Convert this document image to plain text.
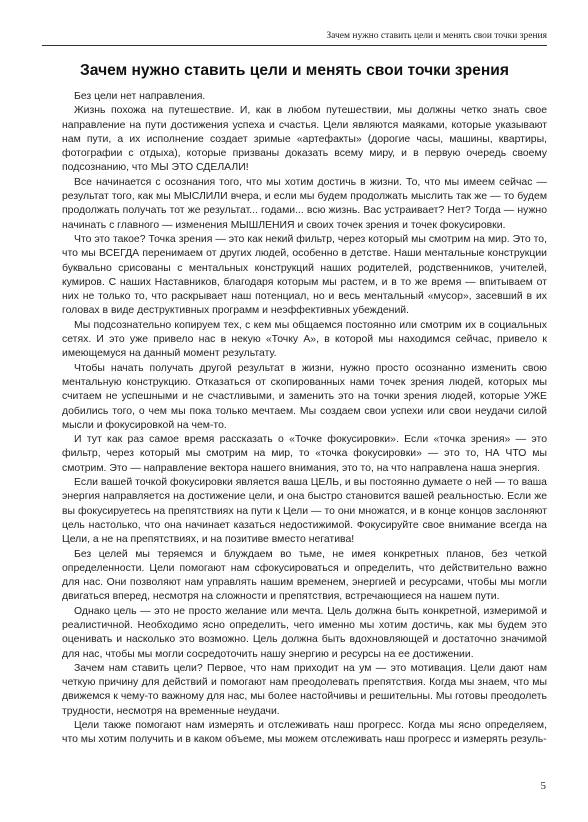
Зачем нужно ставить цели и менять свои точки зрения
Зачем нужно ставить цели и менять свои точки зрения

Без цели нет направления.

Жизнь похожа на путешествие. И, как в любом путешествии, мы должны четко знать свое направление на пути достижения успеха и счастья. Цели являются маяками, которые указывают нам пути, а их исполнение создает зримые «артефакты» (дорогие часы, машины, квартиры, фотографии с отдыха), которые призваны доказать всему миру, и в первую очередь своему подсознанию, что МЫ ЭТО СДЕЛАЛИ!

Все начинается с осознания того, что мы хотим достичь в жизни. То, что мы имеем сейчас — результат того, как мы МЫСЛИЛИ вчера, и если мы будем продолжать мыслить так же — то будем продолжать получать тот же результат... годами... всю жизнь. Вас устраивает? Нет? Тогда — нужно начинать с главного — изменения МЫШЛЕНИЯ и своих точек зрения и точек фокусировки.

Что это такое? Точка зрения — это как некий фильтр, через который мы смотрим на мир. Это то, что мы ВСЕГДА перенимаем от других людей, особенно в детстве. Наши ментальные конструкции буквально срисованы с ментальных конструкций наших родителей, родственников, учителей, кумиров. С наших Наставников, благодаря которым мы растем, и в то же время — впитываем от них не только то, что раскрывает наш потенциал, но и весь ментальный «мусор», засевший в их головах в виде деструктивных программ и неэффективных убеждений.

Мы подсознательно копируем тех, с кем мы общаемся постоянно или смотрим их в социальных сетях. И это уже привело нас в некую «Точку А», в которой мы находимся сейчас, привело к имеющемуся на данный момент результату.

Чтобы начать получать другой результат в жизни, нужно просто осознанно изменить свою ментальную конструкцию. Отказаться от скопированных нами точек зрения людей, которых мы считаем не успешными и не счастливыми, и заменить это на точки зрения людей, которые УЖЕ добились того, о чем мы пока только мечтаем. Мы создаем свои успехи или свои неудачи силой мысли и фокусировкой на чем-то.

И тут как раз самое время рассказать о «Точке фокусировки». Если «точка зрения» — это фильтр, через который мы смотрим на мир, то «точка фокусировки» — это то, НА ЧТО мы смотрим. Это — направление вектора нашего внимания, это то, на что направлена наша энергия.

Если вашей точкой фокусировки является ваша ЦЕЛЬ, и вы постоянно думаете о ней — то ваша энергия направляется на достижение цели, и она быстро становится вашей реальностью. Если же вы фокусируетесь на препятствиях на пути к Цели — то они множатся, и в конце концов заслоняют цель настолько, что она начинает казаться недостижимой. Фокусируйте свое внимание всегда на Цели, а не на препятствиях, и на позитиве вместо негатива!

Без целей мы теряемся и блуждаем во тьме, не имея конкретных планов, без четкой определенности. Цели помогают нам сфокусироваться и определить, что действительно важно для нас. Они позволяют нам управлять нашим временем, энергией и ресурсами, чтобы мы могли двигаться вперед, несмотря на сложности и препятствия, встречающиеся на нашем пути.

Однако цель — это не просто желание или мечта. Цель должна быть конкретной, измеримой и реалистичной. Необходимо ясно определить, чего именно мы хотим достичь, как мы будем это оценивать и насколько это возможно. Цель должна быть вдохновляющей и достаточно значимой для нас, чтобы мы могли сосредоточить нашу энергию и ресурсы на ее достижении.

Зачем нам ставить цели? Первое, что нам приходит на ум — это мотивация. Цели дают нам четкую причину для действий и помогают нам преодолевать препятствия. Когда мы знаем, что мы движемся к чему-то важному для нас, мы более настойчивы и решительны. Мы готовы преодолеть трудности, несмотря на временные неудачи.

Цели также помогают нам измерять и отслеживать наш прогресс. Когда мы ясно определяем, что мы хотим получить и в каком объеме, мы можем отслеживать наш прогресс и измерять резуль-

5
